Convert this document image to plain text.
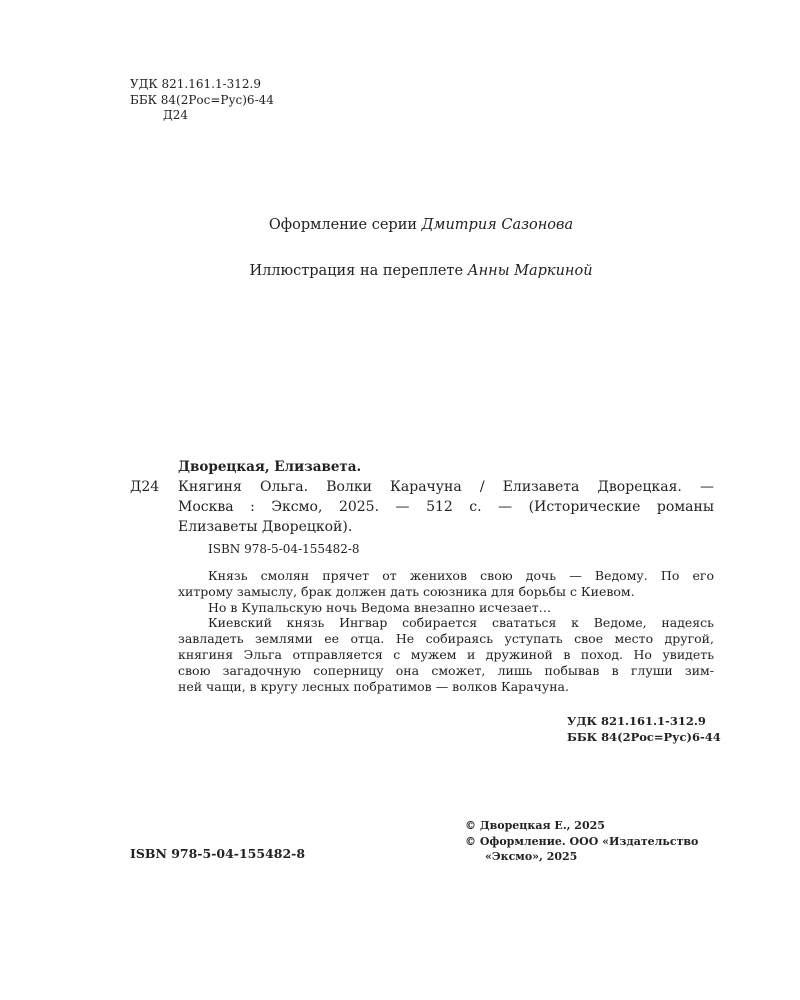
УДК 821.161.1-312.9
ББК 84(2Рос=Рус)6-44
Д24
Оформление серии Дмитрия Сазонова
Иллюстрация на переплете Анны Маркиной
Дворецкая, Елизавета.
Д24 Княгиня Ольга. Волки Карачуна / Елизавета Дворецкая. —
Москва : Эксмо, 2025. — 512 с. — (Исторические романы
Елизаветы Дворецкой).
ISBN 978-5-04-155482-8
Князь смолян прячет от женихов свою дочь — Ведому. По его
хитрому замыслу, брак должен дать союзника для борьбы с Киевом.
Но в Купальскую ночь Ведома внезапно исчезает…
Киевский князь Ингвар собирается свататься к Ведоме, надеясь
завладеть землями ее отца. Не собираясь уступать свое место другой,
княгиня Эльга отправляется с мужем и дружиной в поход. Но увидеть
свою загадочную соперницу она сможет, лишь побывав в глуши зим-
ней чащи, в кругу лесных побратимов — волков Карачуна.
УДК 821.161.1-312.9
ББК 84(2Рос=Рус)6-44
© Дворецкая Е., 2025
© Оформление. ООО «Издательство
«Эксмо», 2025
ISBN 978-5-04-155482-8
